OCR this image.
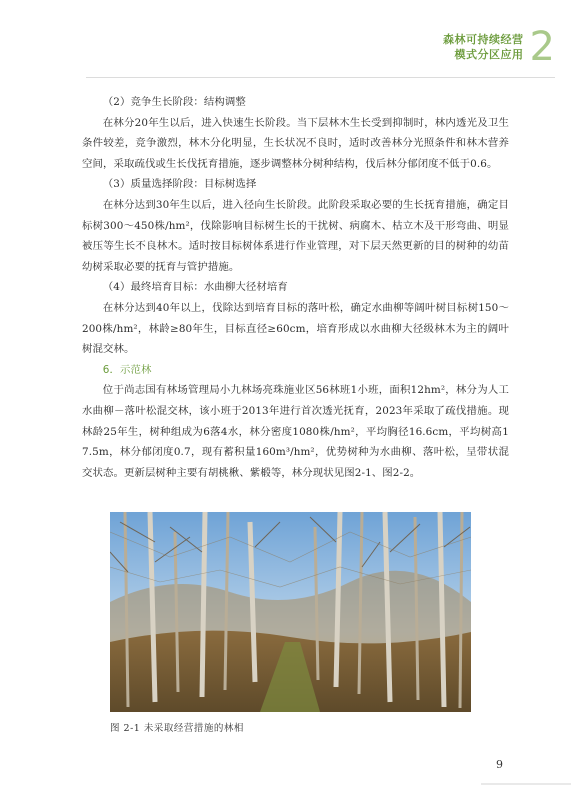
森林可持续经营
模式分区应用 2

（2）竞争生长阶段：结构调整

在林分20年生以后，进入快速生长阶段。当下层林木生长受到抑制时，林内透光及卫生条件较差，竞争激烈，林木分化明显，生长状况不良时，适时改善林分光照条件和林木营养空间，采取疏伐或生长伐抚育措施，逐步调整林分树种结构，伐后林分郁闭度不低于0.6。

（3）质量选择阶段：目标树选择

在林分达到30年生以后，进入径向生长阶段。此阶段采取必要的生长抚育措施，确定目标树300～450株/hm²，伐除影响目标树生长的干扰树、病腐木、枯立木及干形弯曲、明显被压等生长不良林木。适时按目标树体系进行作业管理，对下层天然更新的目的树种的幼苗幼树采取必要的抚育与管护措施。

（4）最终培育目标：水曲柳大径材培育

在林分达到40年以上，伐除达到培育目标的落叶松，确定水曲柳等阔叶树目标树150～200株/hm²，林龄≥80年生，目标直径≥60cm，培育形成以水曲柳大径级林木为主的阔叶树混交林。

6．示范林

位于尚志国有林场管理局小九林场亮珠施业区56林班1小班，面积12hm²，林分为人工水曲柳－落叶松混交林，该小班于2013年进行首次透光抚育，2023年采取了疏伐措施。现林龄25年生，树种组成为6落4水，林分密度1080株/hm²，平均胸径16.6cm，平均树高17.5m，林分郁闭度0.7，现有蓄积量160m³/hm²，优势树种为水曲柳、落叶松，呈带状混交状态。更新层树种主要有胡桃楸、紫椴等，林分现状见图2-1、图2-2。

图 2-1 未采取经营措施的林相
9
